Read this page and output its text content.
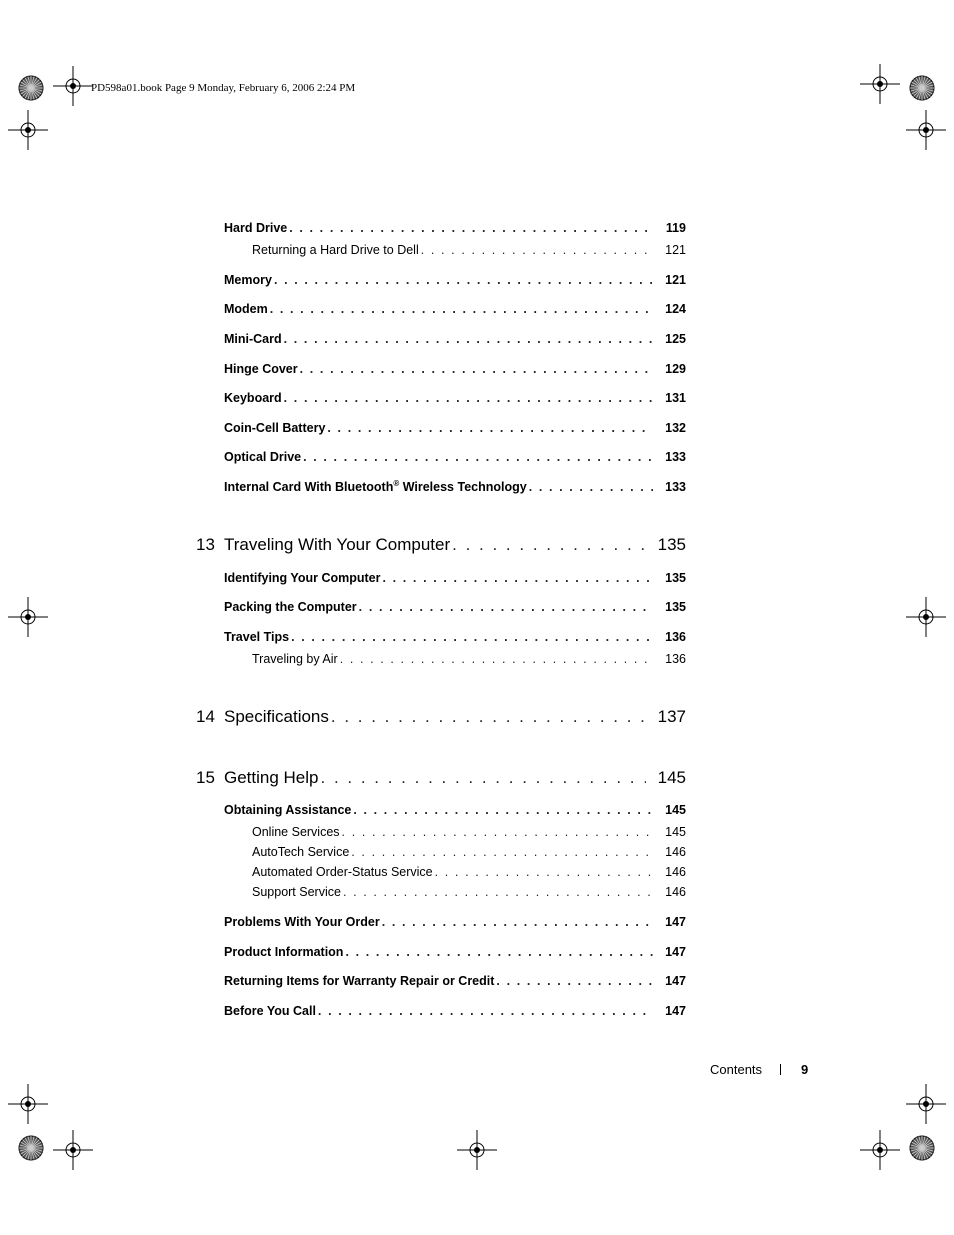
PD598a01.book Page 9 Monday, February 6, 2006 2:24 PM
Hard Drive . . .	119
Returning a Hard Drive to Dell . . .	121
Memory . . .	121
Modem . . .	124
Mini-Card . . .	125
Hinge Cover . . .	129
Keyboard . . .	131
Coin-Cell Battery . . .	132
Optical Drive . . .	133
Internal Card With Bluetooth® Wireless Technology . . .	133
13 Traveling With Your Computer . . .	135
Identifying Your Computer . . .	135
Packing the Computer . . .	135
Travel Tips . . .	136
Traveling by Air . . .	136
14 Specifications . . .	137
15 Getting Help . . .	145
Obtaining Assistance . . .	145
Online Services . . .	145
AutoTech Service . . .	146
Automated Order-Status Service . . .	146
Support Service . . .	146
Problems With Your Order . . .	147
Product Information . . .	147
Returning Items for Warranty Repair or Credit . . .	147
Before You Call . . .	147
Contents	9
